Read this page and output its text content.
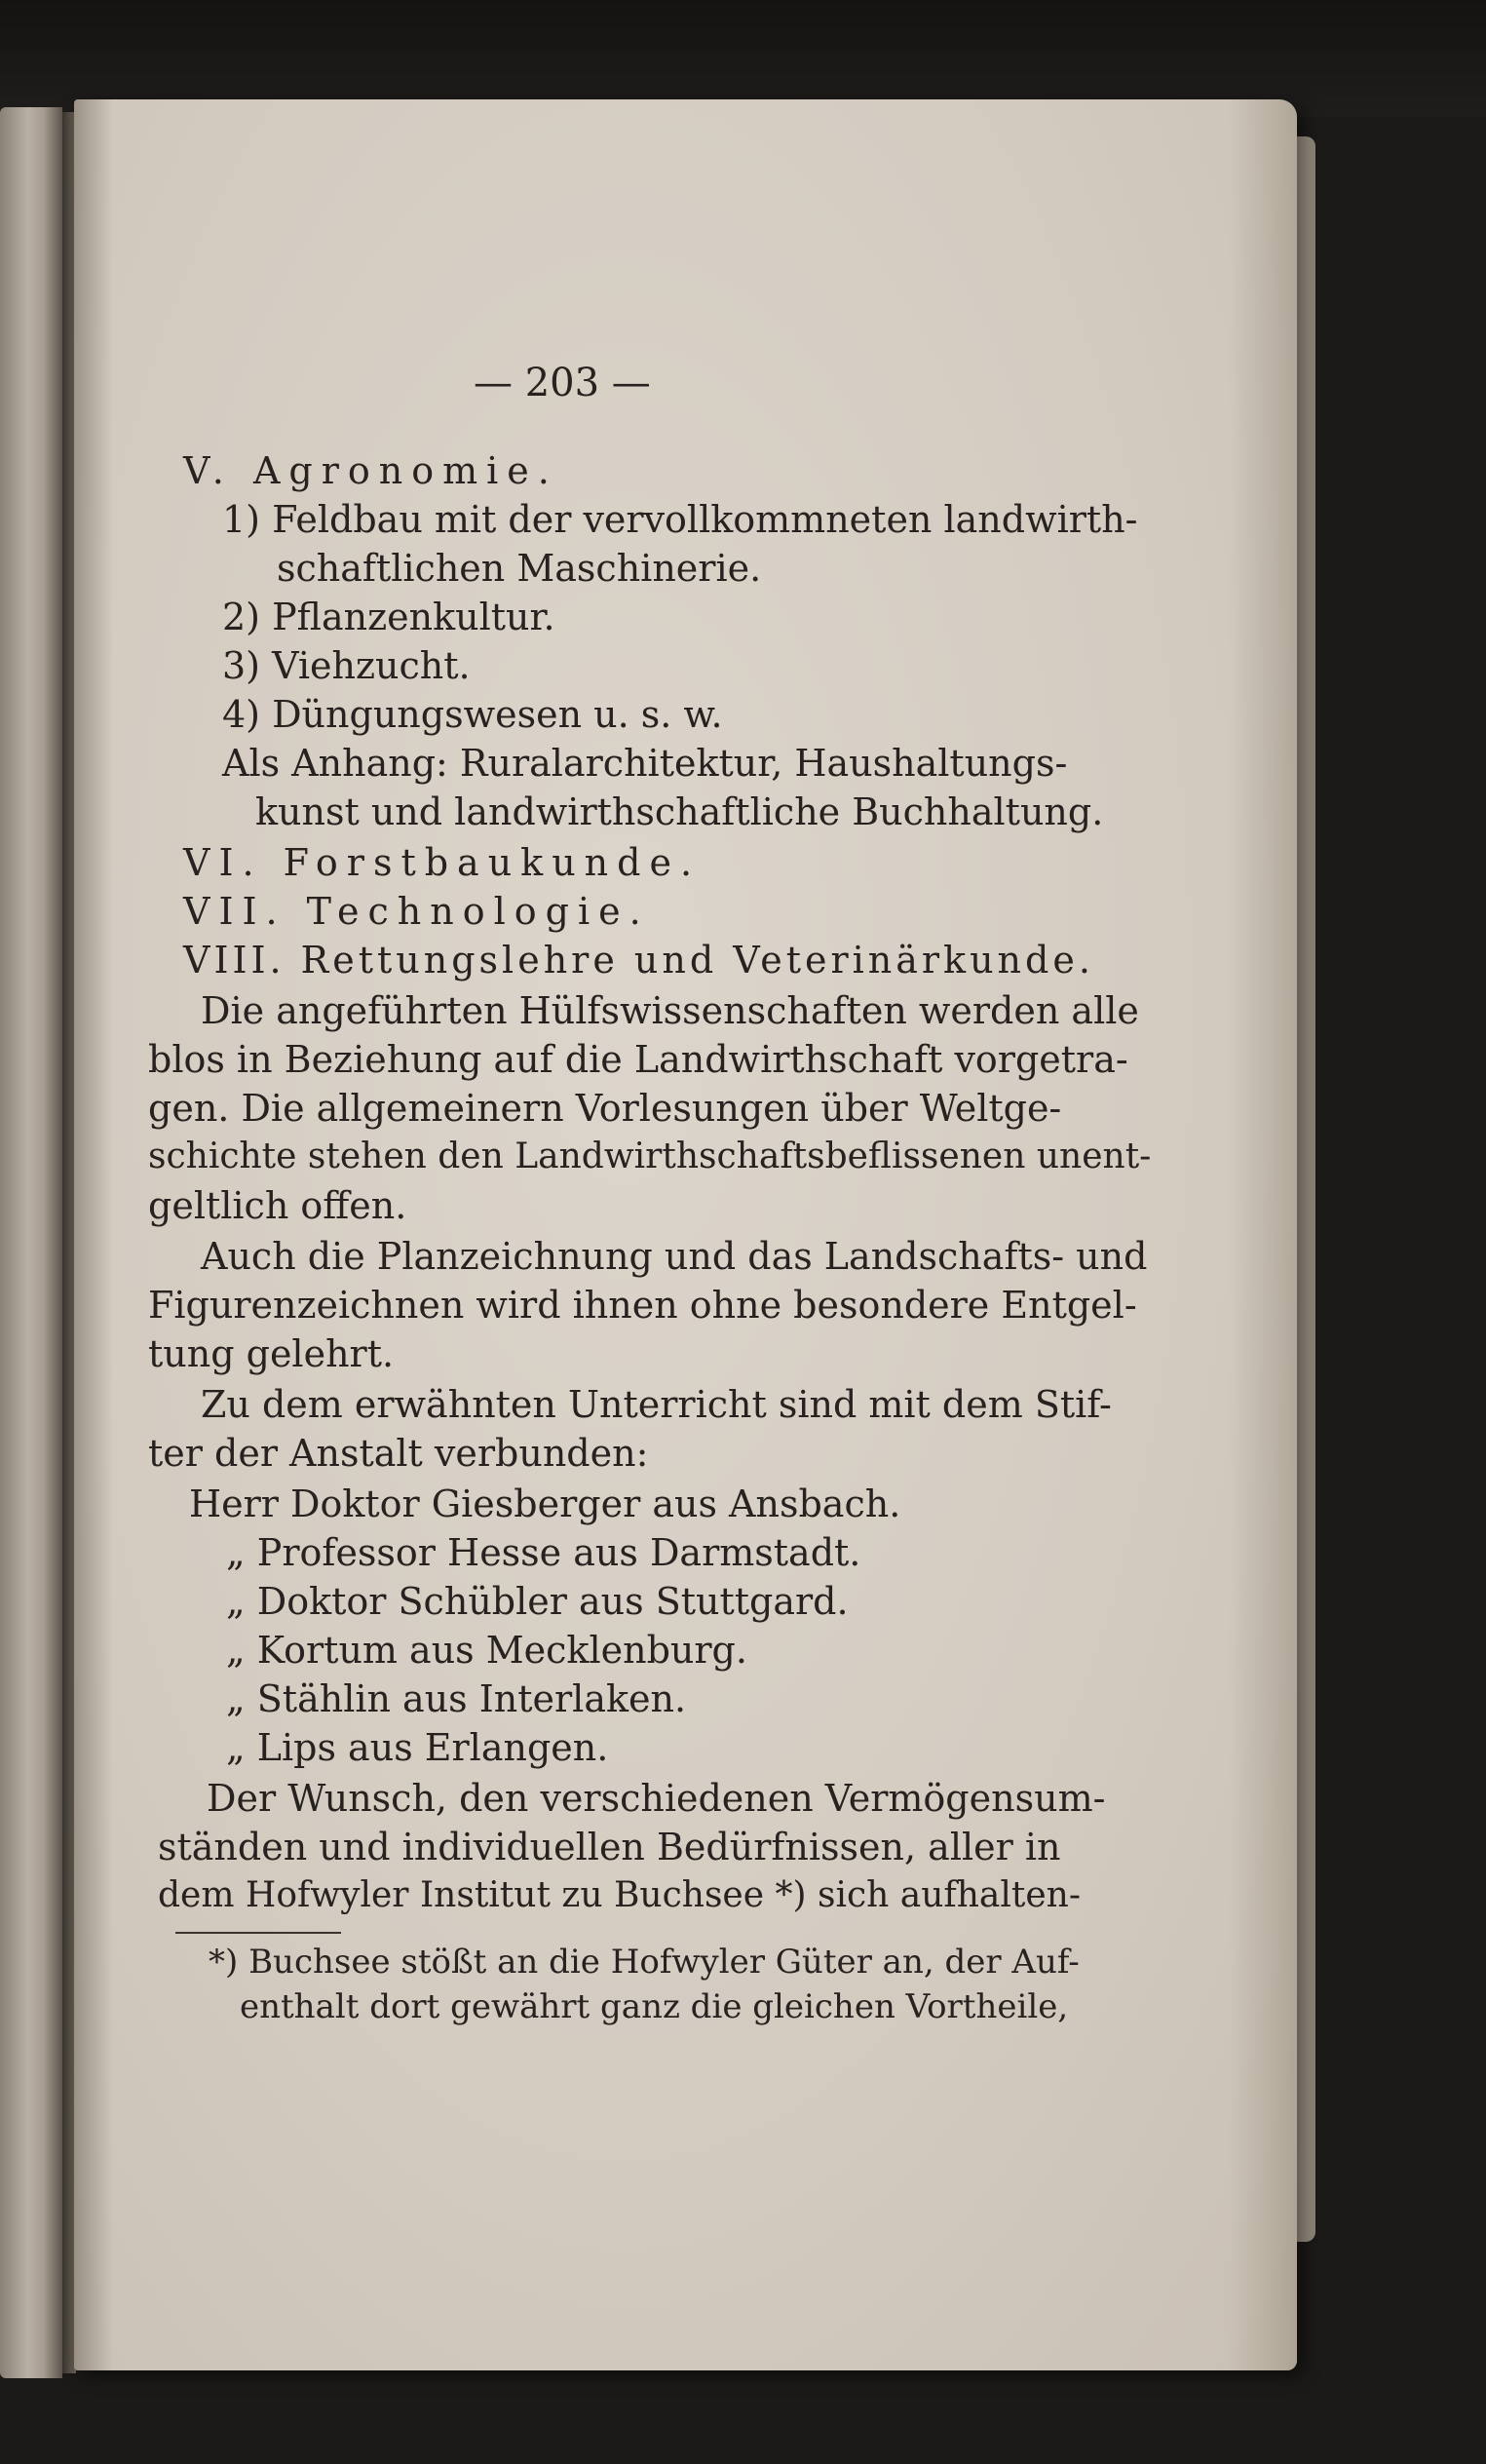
— 203 —
V. Agronomie.
1) Feldbau mit der vervollkommneten landwirth-
schaftlichen Maschinerie.
2) Pflanzenkultur.
3) Viehzucht.
4) Düngungswesen u. s. w.
Als Anhang: Ruralarchitektur, Haushaltungs-
kunst und landwirthschaftliche Buchhaltung.
VI. Forstbaukunde.
VII. Technologie.
VIII. Rettungslehre und Veterinärkunde.
Die angeführten Hülfswissenschaften werden alle
blos in Beziehung auf die Landwirthschaft vorgetra-
gen. Die allgemeinern Vorlesungen über Weltge-
schichte stehen den Landwirthschaftsbeflissenen unent-
geltlich offen.
Auch die Planzeichnung und das Landschafts- und
Figurenzeichnen wird ihnen ohne besondere Entgel-
tung gelehrt.
Zu dem erwähnten Unterricht sind mit dem Stif-
ter der Anstalt verbunden:
Herr Doktor Giesberger aus Ansbach.
„ Professor Hesse aus Darmstadt.
„ Doktor Schübler aus Stuttgard.
„ Kortum aus Mecklenburg.
„ Stählin aus Interlaken.
„ Lips aus Erlangen.
Der Wunsch, den verschiedenen Vermögensum-
ständen und individuellen Bedürfnissen, aller in
dem Hofwyler Institut zu Buchsee *) sich aufhalten-
*) Buchsee stößt an die Hofwyler Güter an, der Auf-
enthalt dort gewährt ganz die gleichen Vortheile,
